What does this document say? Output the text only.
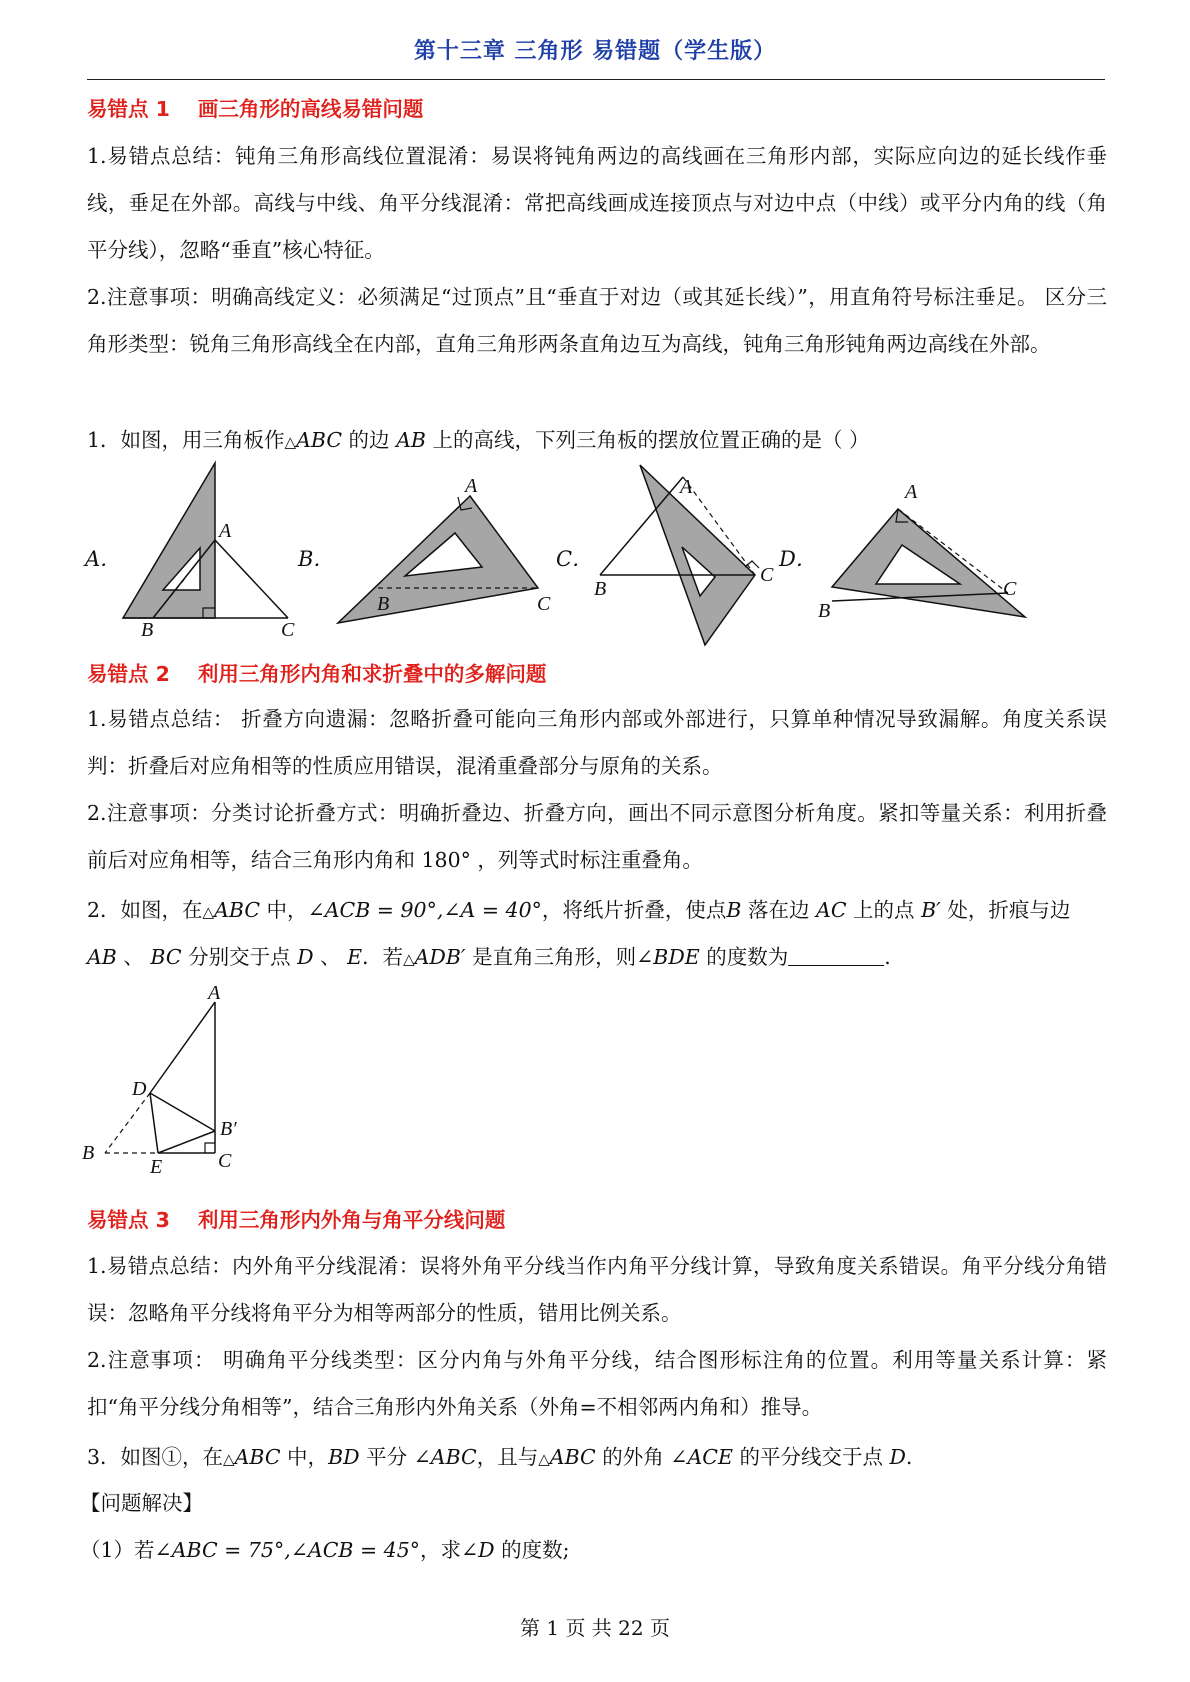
第十三章 三角形 易错题（学生版）
易错点 1 画三角形的高线易错问题

1.易错点总结：钝角三角形高线位置混淆：易误将钝角两边的高线画在三角形内部，实际应向边的延长线作垂线，垂足在外部。高线与中线、角平分线混淆：常把高线画成连接顶点与对边中点（中线）或平分内角的线（角平分线），忽略“垂直”核心特征。

2.注意事项：明确高线定义：必须满足“过顶点”且“垂直于对边（或其延长线）”，用直角符号标注垂足。 区分三角形类型：锐角三角形高线全在内部，直角三角形两条直角边互为高线，钝角三角形钝角两边高线在外部。

1．如图，用三角板作△ABC 的边 AB 上的高线，下列三角板的摆放位置正确的是（ ）
A．	B．	C．	D．
A
B	C
A
B	C
A
B
C
A
B
C
易错点 2 利用三角形内角和求折叠中的多解问题

1.易错点总结： 折叠方向遗漏：忽略折叠可能向三角形内部或外部进行，只算单种情况导致漏解。角度关系误判：折叠后对应角相等的性质应用错误，混淆重叠部分与原角的关系。

2.注意事项：分类讨论折叠方式：明确折叠边、折叠方向，画出不同示意图分析角度。紧扣等量关系：利用折叠前后对应角相等，结合三角形内角和 180° ，列等式时标注重叠角。

2．如图，在△ABC 中，∠ACB = 90°,∠A = 40°，将纸片折叠，使点B 落在边 AC 上的点 B′ 处，折痕与边
AB 、 BC 分别交于点 D 、 E．若△ADB′ 是直角三角形，则∠BDE 的度数为	.
A
D
B′
B
E	C
易错点 3 利用三角形内外角与角平分线问题

1.易错点总结：内外角平分线混淆：误将外角平分线当作内角平分线计算，导致角度关系错误。角平分线分角错误：忽略角平分线将角平分为相等两部分的性质，错用比例关系。

2.注意事项： 明确角平分线类型：区分内角与外角平分线，结合图形标注角的位置。利用等量关系计算：紧扣“角平分线分角相等”，结合三角形内外角关系（外角=不相邻两内角和）推导。

3．如图①，在△ABC 中，BD 平分 ∠ABC，且与△ABC 的外角 ∠ACE 的平分线交于点 D.
【问题解决】
（1）若∠ABC = 75°,∠ACB = 45°，求∠D 的度数;
第 1 页 共 22 页
